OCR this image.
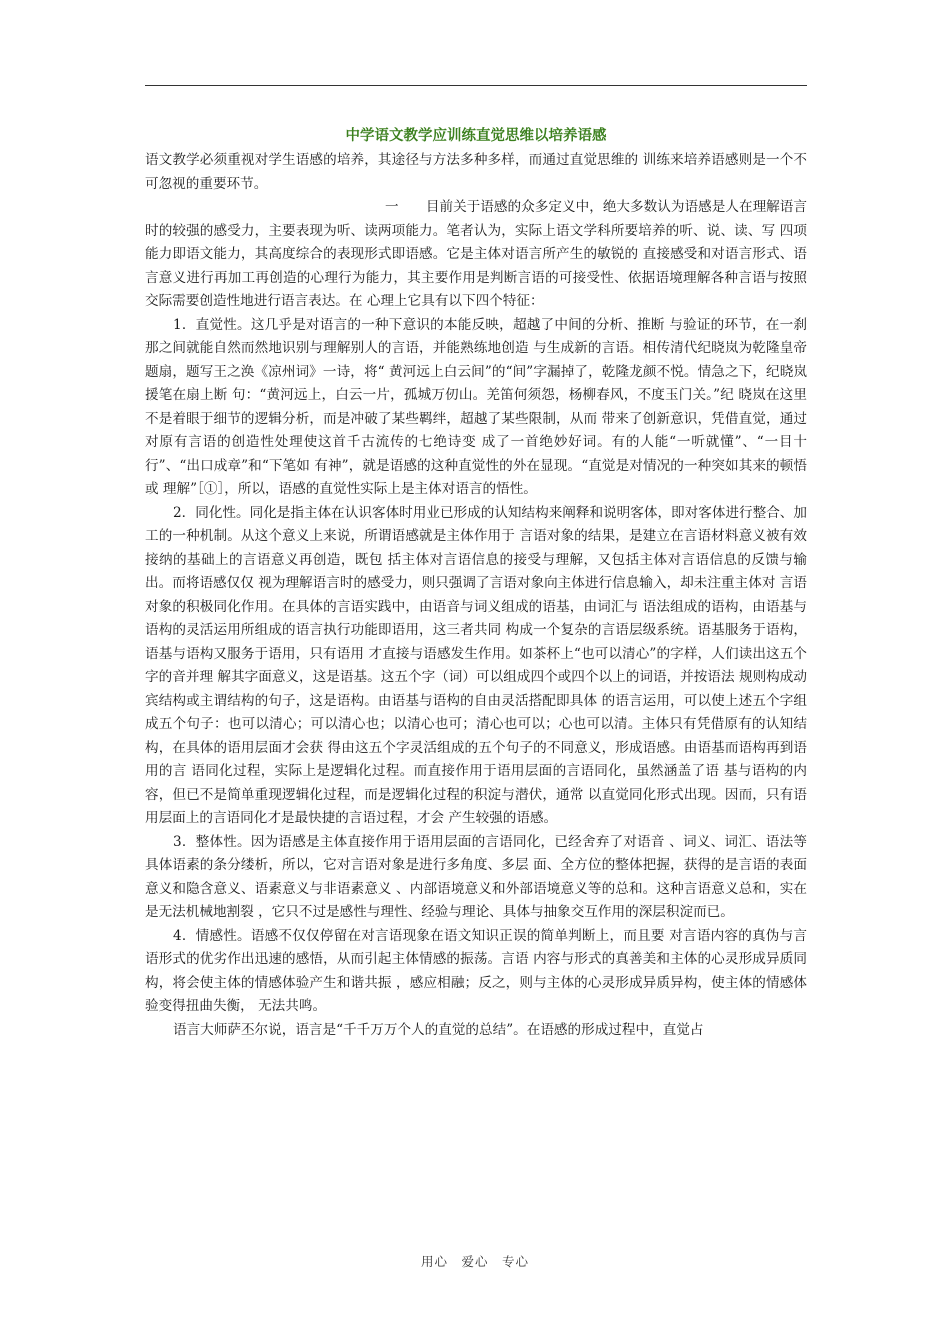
中学语文教学应训练直觉思维以培养语感

语文教学必须重视对学生语感的培养，其途径与方法多种多样，而通过直觉思维的 训练来培养语感则是一个不可忽视的重要环节。

一　　目前关于语感的众多定义中，绝大多数认为语感是人在理解语言时的较强的感受力，主要表现为听、读两项能力。笔者认为，实际上语文学科所要培养的听、说、读、写 四项能力即语文能力，其高度综合的表现形式即语感。它是主体对语言所产生的敏锐的 直接感受和对语言形式、语言意义进行再加工再创造的心理行为能力，其主要作用是判断言语的可接受性、依据语境理解各种言语与按照交际需要创造性地进行语言表达。在 心理上它具有以下四个特征：

1．直觉性。这几乎是对语言的一种下意识的本能反映，超越了中间的分析、推断 与验证的环节，在一刹那之间就能自然而然地识别与理解别人的言语，并能熟练地创造 与生成新的言语。相传清代纪晓岚为乾隆皇帝题扇，题写王之涣《凉州词》一诗，将“ 黄河远上白云间”的“间”字漏掉了，乾隆龙颜不悦。情急之下，纪晓岚援笔在扇上断 句：“黄河远上，白云一片，孤城万仞山。羌笛何须怨，杨柳春风，不度玉门关。”纪 晓岚在这里不是着眼于细节的逻辑分析，而是冲破了某些羁绊，超越了某些限制，从而 带来了创新意识，凭借直觉，通过对原有言语的创造性处理使这首千古流传的七绝诗变 成了一首绝妙好词。有的人能“一听就懂”、“一目十行”、“出口成章”和“下笔如 有神”，就是语感的这种直觉性的外在显现。“直觉是对情况的一种突如其来的顿悟或 理解”［①］，所以，语感的直觉性实际上是主体对语言的悟性。

2．同化性。同化是指主体在认识客体时用业已形成的认知结构来阐释和说明客体，即对客体进行整合、加工的一种机制。从这个意义上来说，所谓语感就是主体作用于 言语对象的结果，是建立在言语材料意义被有效接纳的基础上的言语意义再创造，既包 括主体对言语信息的接受与理解，又包括主体对言语信息的反馈与输出。而将语感仅仅 视为理解语言时的感受力，则只强调了言语对象向主体进行信息输入，却未注重主体对 言语对象的积极同化作用。在具体的言语实践中，由语音与词义组成的语基，由词汇与 语法组成的语构，由语基与语构的灵活运用所组成的语言执行功能即语用，这三者共同 构成一个复杂的言语层级系统。语基服务于语构，语基与语构又服务于语用，只有语用 才直接与语感发生作用。如茶杯上“也可以清心”的字样，人们读出这五个字的音并理 解其字面意义，这是语基。这五个字（词）可以组成四个或四个以上的词语，并按语法 规则构成动宾结构或主谓结构的句子，这是语构。由语基与语构的自由灵活搭配即具体 的语言运用，可以使上述五个字组成五个句子：也可以清心；可以清心也；以清心也可；清心也可以；心也可以清。主体只有凭借原有的认知结构，在具体的语用层面才会获 得由这五个字灵活组成的五个句子的不同意义，形成语感。由语基而语构再到语用的言 语同化过程，实际上是逻辑化过程。而直接作用于语用层面的言语同化，虽然涵盖了语 基与语构的内容，但已不是简单重现逻辑化过程，而是逻辑化过程的积淀与潜伏，通常 以直觉同化形式出现。因而，只有语用层面上的言语同化才是最快捷的言语过程，才会 产生较强的语感。

3．整体性。因为语感是主体直接作用于语用层面的言语同化，已经舍弃了对语音 、词义、词汇、语法等具体语素的条分缕析，所以，它对言语对象是进行多角度、多层 面、全方位的整体把握，获得的是言语的表面意义和隐含意义、语素意义与非语素意义 、内部语境意义和外部语境意义等的总和。这种言语意义总和，实在是无法机械地割裂 ，它只不过是感性与理性、经验与理论、具体与抽象交互作用的深层积淀而已。

4．情感性。语感不仅仅停留在对言语现象在语文知识正误的简单判断上，而且要 对言语内容的真伪与言语形式的优劣作出迅速的感悟，从而引起主体情感的振荡。言语 内容与形式的真善美和主体的心灵形成异质同构，将会使主体的情感体验产生和谐共振 ，感应相融；反之，则与主体的心灵形成异质异构，使主体的情感体验变得扭曲失衡， 无法共鸣。

语言大师萨丕尔说，语言是“千千万万个人的直觉的总结”。在语感的形成过程中，直觉占

用心　爱心　专心
